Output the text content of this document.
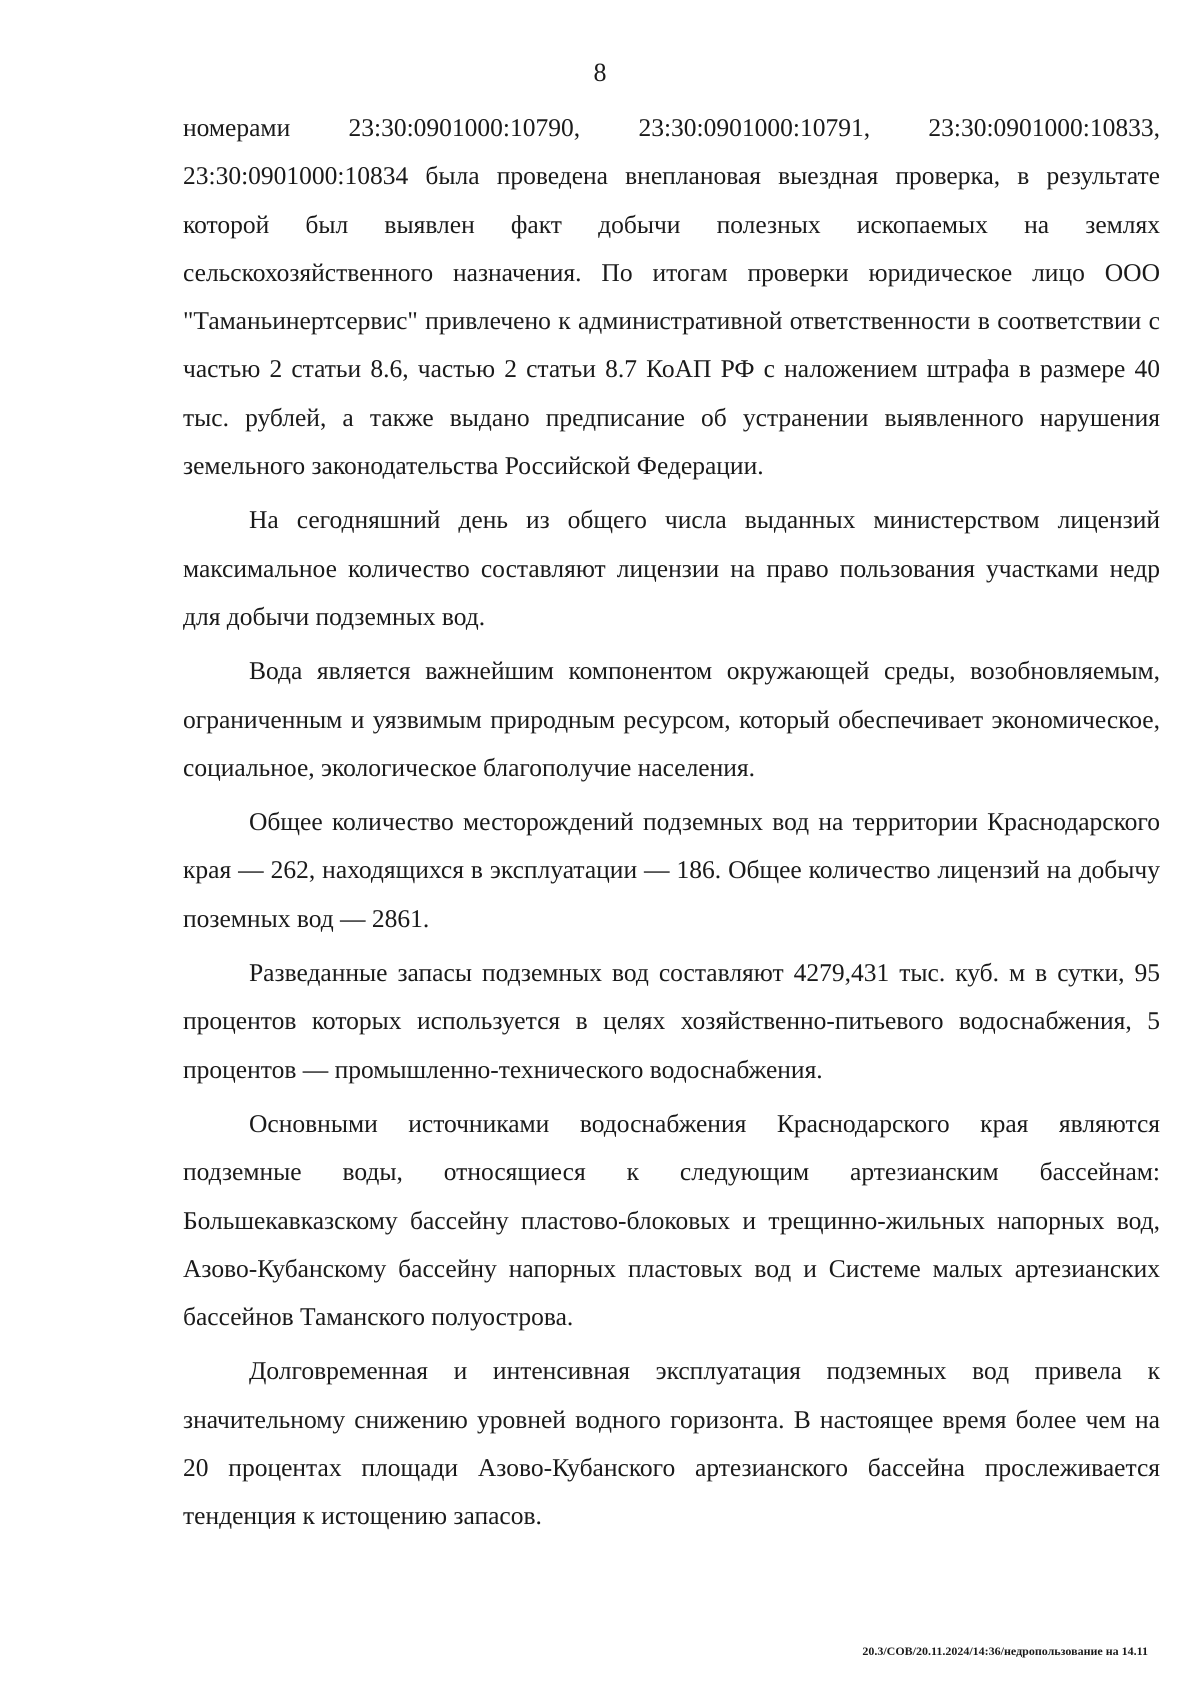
8

номерами 23:30:0901000:10790, 23:30:0901000:10791, 23:30:0901000:10833, 23:30:0901000:10834 была проведена внеплановая выездная проверка, в результате которой был выявлен факт добычи полезных ископаемых на землях сельскохозяйственного назначения. По итогам проверки юридическое лицо ООО "Таманьинертсервис" привлечено к административной ответственности в соответствии с частью 2 статьи 8.6, частью 2 статьи 8.7 КоАП РФ с наложением штрафа в размере 40 тыс. рублей, а также выдано предписание об устранении выявленного нарушения земельного законодательства Российской Федерации.

На сегодняшний день из общего числа выданных министерством лицензий максимальное количество составляют лицензии на право пользования участками недр для добычи подземных вод.

Вода является важнейшим компонентом окружающей среды, возобновляемым, ограниченным и уязвимым природным ресурсом, который обеспечивает экономическое, социальное, экологическое благополучие населения.

Общее количество месторождений подземных вод на территории Краснодарского края — 262, находящихся в эксплуатации — 186. Общее количество лицензий на добычу поземных вод — 2861.

Разведанные запасы подземных вод составляют 4279,431 тыс. куб. м в сутки, 95 процентов которых используется в целях хозяйственно-питьевого водоснабжения, 5 процентов — промышленно-технического водоснабжения.

Основными источниками водоснабжения Краснодарского края являются подземные воды, относящиеся к следующим артезианским бассейнам: Большекавказскому бассейну пластово-блоковых и трещинно-жильных напорных вод, Азово-Кубанскому бассейну напорных пластовых вод и Системе малых артезианских бассейнов Таманского полуострова.

Долговременная и интенсивная эксплуатация подземных вод привела к значительному снижению уровней водного горизонта. В настоящее время более чем на 20 процентах площади Азово-Кубанского артезианского бассейна прослеживается тенденция к истощению запасов.

20.3/СОВ/20.11.2024/14:36/недропользование на 14.11
